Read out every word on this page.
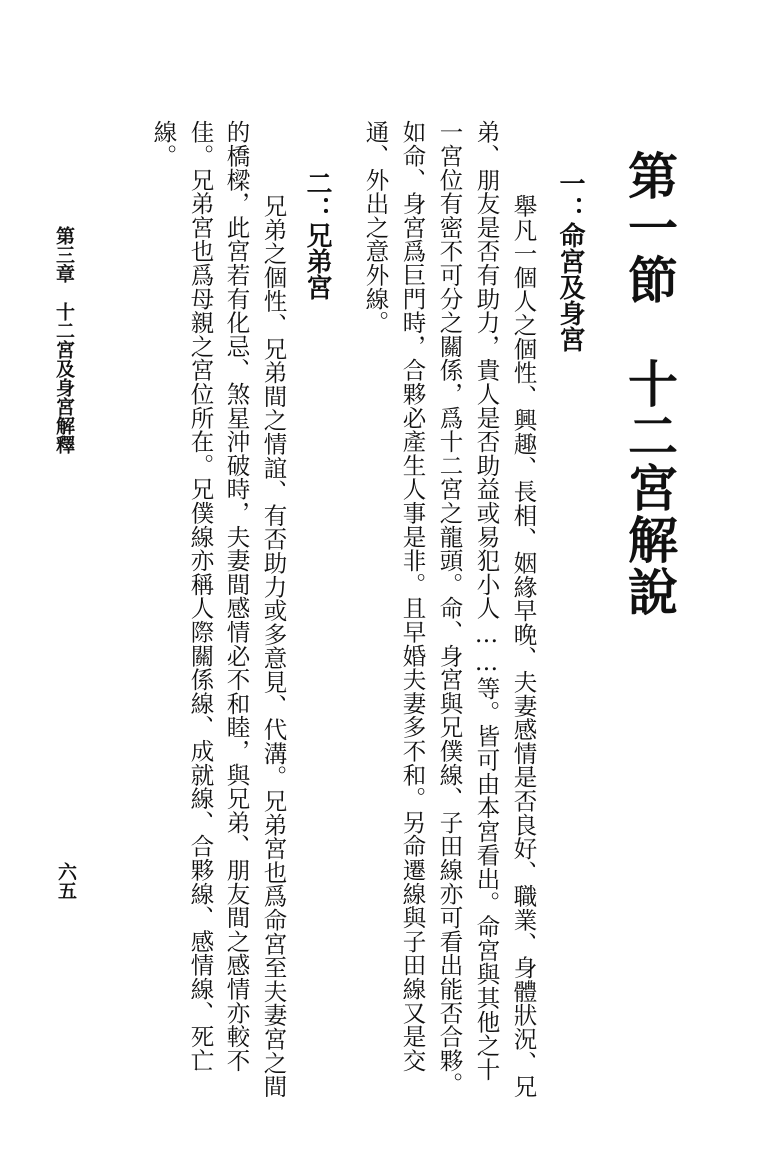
第一節　十二宮解說
一：命宮及身宮
　舉凡一個人之個性、興趣、長相、姻緣早晚、夫妻感情是否良好、職業、身體狀況、兄
弟、朋友是否有助力，貴人是否助益或易犯小人……等。皆可由本宮看出。命宮與其他之十
一宮位有密不可分之關係，爲十二宮之龍頭。命、身宮與兄僕線、子田線亦可看出能否合夥。
如命、身宮爲巨門時，合夥必產生人事是非。且早婚夫妻多不和。另命遷線與子田線又是交
通、外出之意外線。
二：兄弟宮
　兄弟之個性、兄弟間之情誼、有否助力或多意見、代溝。兄弟宮也爲命宮至夫妻宮之間
的橋樑，此宮若有化忌、煞星沖破時，夫妻間感情必不和睦，與兄弟、朋友間之感情亦較不
佳。兄弟宮也爲母親之宮位所在。兄僕線亦稱人際關係線、成就線、合夥線、感情線、死亡
線。
第三章　十二宮及身宮解釋
六五
